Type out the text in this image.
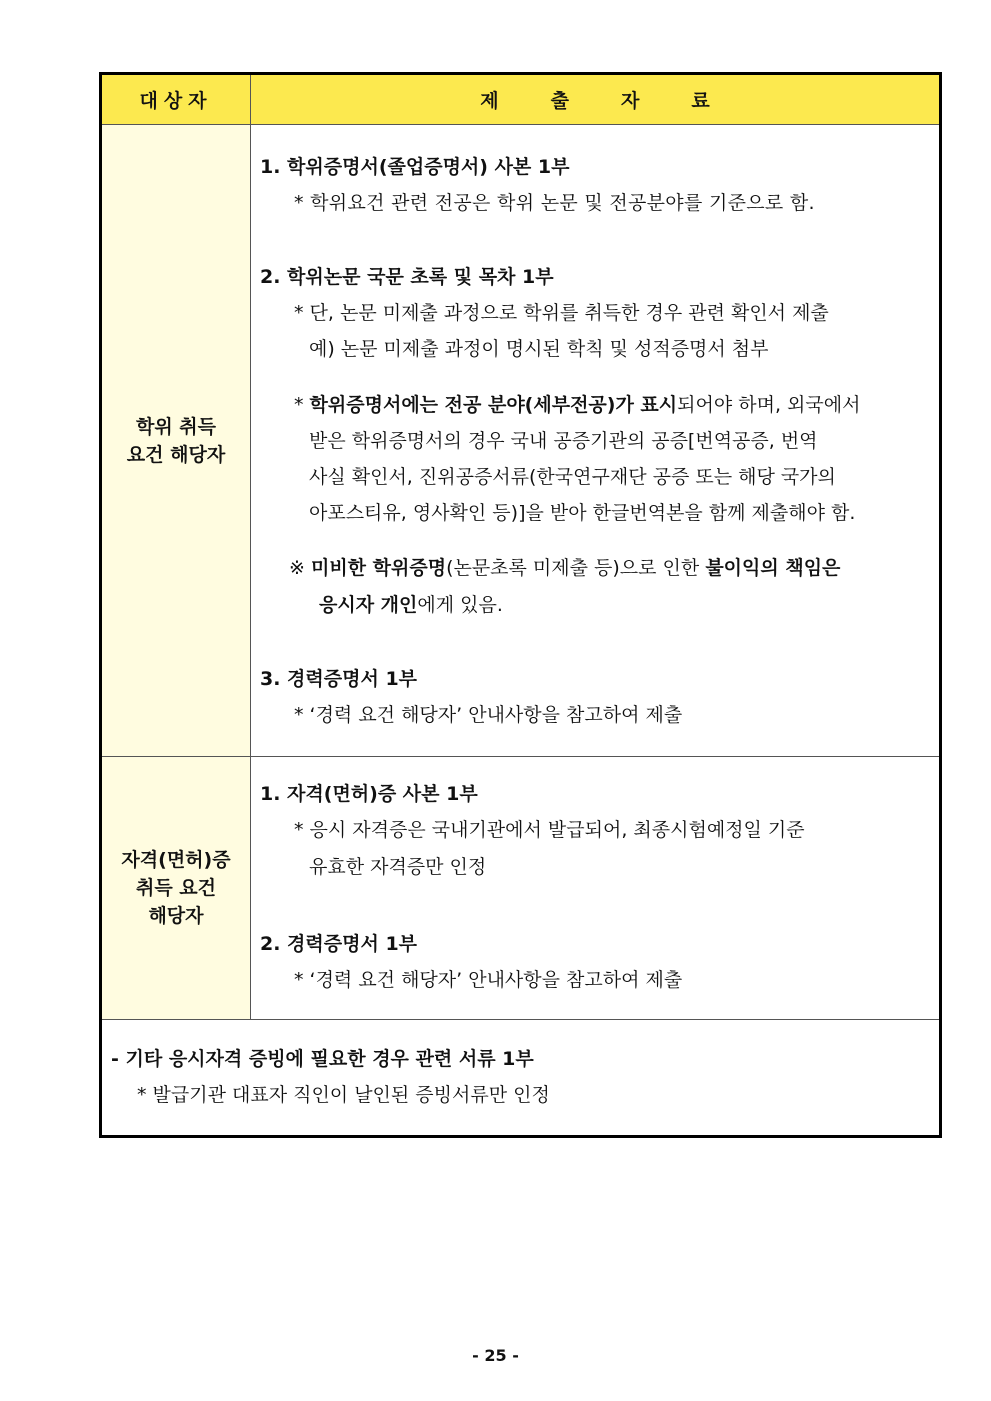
대상자	제출자료
학위 취득
요건 해당자
1. 학위증명서(졸업증명서) 사본 1부
* 학위요건 관련 전공은 학위 논문 및 전공분야를 기준으로 함.
2. 학위논문 국문 초록 및 목차 1부
* 단, 논문 미제출 과정으로 학위를 취득한 경우 관련 확인서 제출
예) 논문 미제출 과정이 명시된 학칙 및 성적증명서 첨부
* 학위증명서에는 전공 분야(세부전공)가 표시되어야 하며, 외국에서
받은 학위증명서의 경우 국내 공증기관의 공증[번역공증, 번역
사실 확인서, 진위공증서류(한국연구재단 공증 또는 해당 국가의
아포스티유, 영사확인 등)]을 받아 한글번역본을 함께 제출해야 함.
※ 미비한 학위증명(논문초록 미제출 등)으로 인한 불이익의 책임은
응시자 개인에게 있음.
3. 경력증명서 1부
* ‘경력 요건 해당자’ 안내사항을 참고하여 제출
자격(면허)증
취득 요건
해당자
1. 자격(면허)증 사본 1부
* 응시 자격증은 국내기관에서 발급되어, 최종시험예정일 기준
유효한 자격증만 인정
2. 경력증명서 1부
* ‘경력 요건 해당자’ 안내사항을 참고하여 제출
- 기타 응시자격 증빙에 필요한 경우 관련 서류 1부
* 발급기관 대표자 직인이 날인된 증빙서류만 인정
- 25 -
